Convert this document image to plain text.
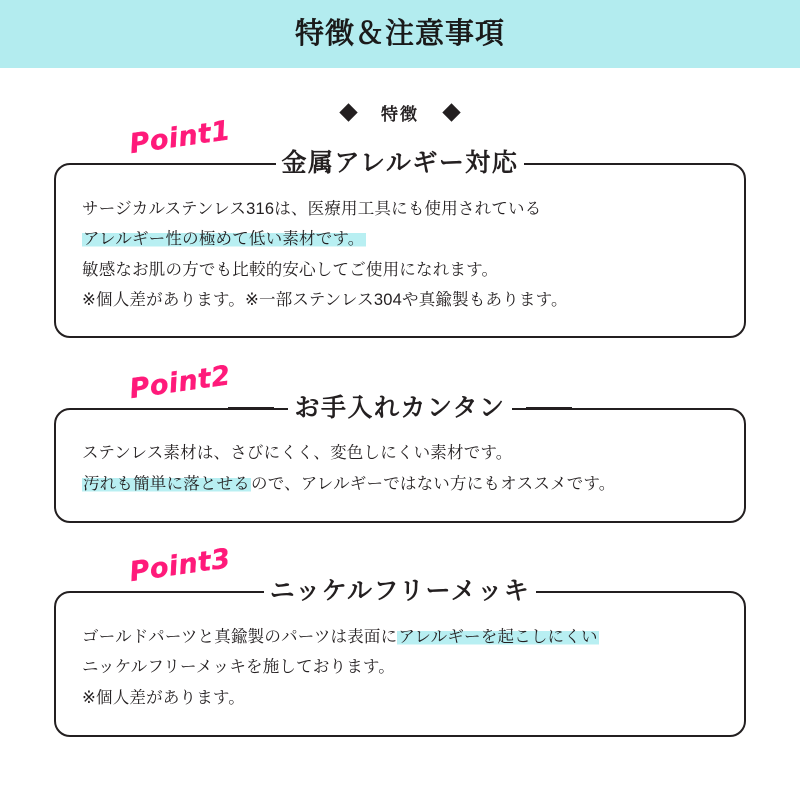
特徴＆注意事項
特徴
Point1
金属アレルギー対応
サージカルステンレス316は、医療用工具にも使用されている
アレルギー性の極めて低い素材です。
敏感なお肌の方でも比較的安心してご使用になれます。
※個人差があります。※一部ステンレス304や真鍮製もあります。
Point2
お手入れカンタン
ステンレス素材は、さびにくく、変色しにくい素材です。
汚れも簡単に落とせるので、アレルギーではない方にもオススメです。
Point3
ニッケルフリーメッキ
ゴールドパーツと真鍮製のパーツは表面にアレルギーを起こしにくい
ニッケルフリーメッキを施しております。
※個人差があります。
